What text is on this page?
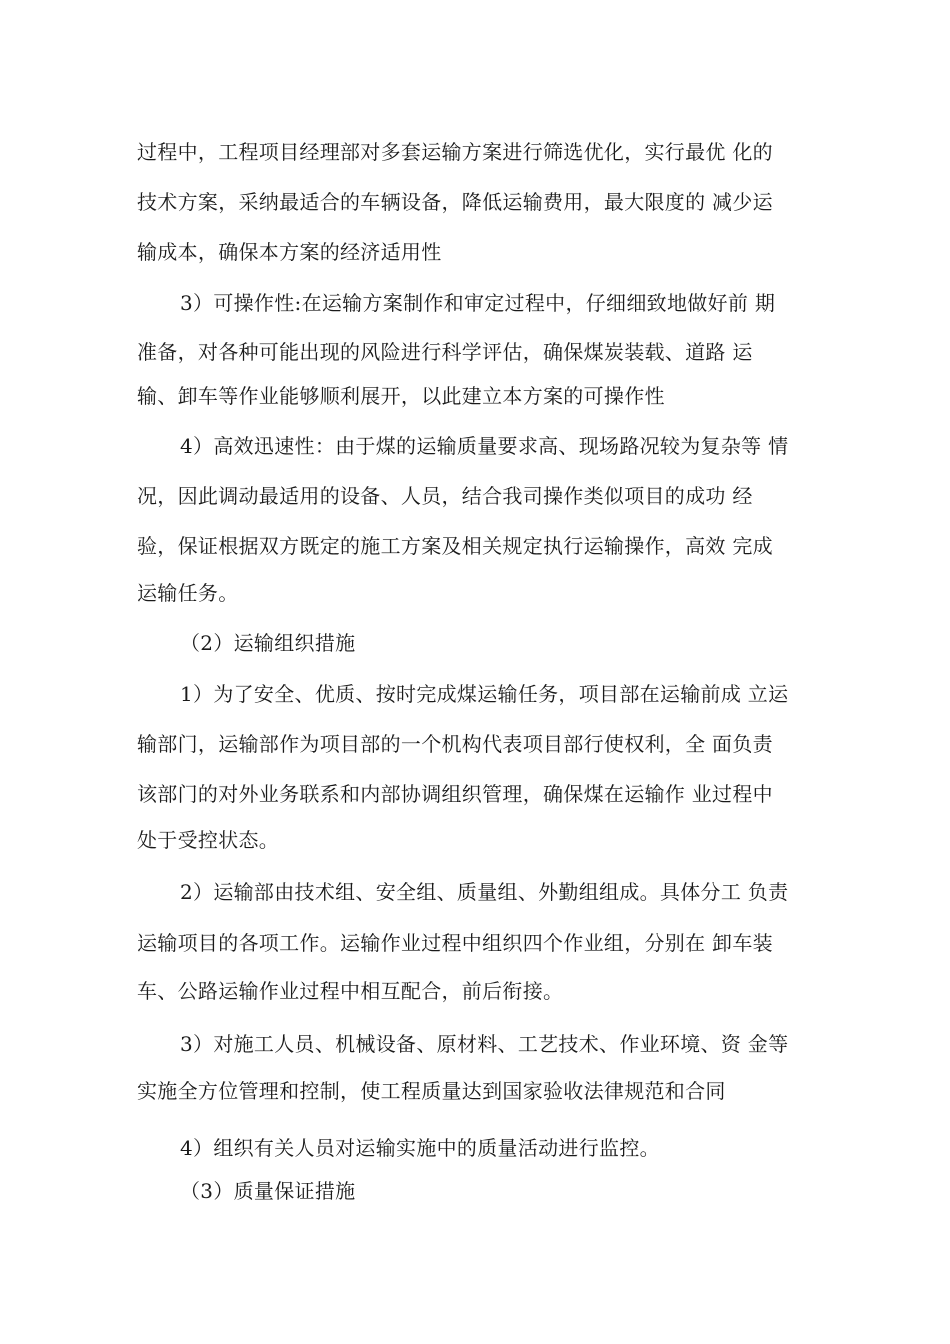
过程中，工程项目经理部对多套运输方案进行筛选优化，实行最优 化的
技术方案，采纳最适合的车辆设备，降低运输费用，最大限度的 减少运
输成本，确保本方案的经济适用性
3）可操作性:在运输方案制作和审定过程中，仔细细致地做好前 期
准备，对各种可能出现的风险进行科学评估，确保煤炭装载、道路 运
输、卸车等作业能够顺利展开，以此建立本方案的可操作性
4）高效迅速性：由于煤的运输质量要求高、现场路况较为复杂等 情
况，因此调动最适用的设备、人员，结合我司操作类似项目的成功 经
验，保证根据双方既定的施工方案及相关规定执行运输操作，高效 完成
运输任务。
（2）运输组织措施
1）为了安全、优质、按时完成煤运输任务，项目部在运输前成 立运
输部门，运输部作为项目部的一个机构代表项目部行使权利，全 面负责
该部门的对外业务联系和内部协调组织管理，确保煤在运输作 业过程中
处于受控状态。
2）运输部由技术组、安全组、质量组、外勤组组成。具体分工 负责
运输项目的各项工作。运输作业过程中组织四个作业组，分别在 卸车装
车、公路运输作业过程中相互配合，前后衔接。
3）对施工人员、机械设备、原材料、工艺技术、作业环境、资 金等
实施全方位管理和控制，使工程质量达到国家验收法律规范和合同
4）组织有关人员对运输实施中的质量活动进行监控。
（3）质量保证措施
